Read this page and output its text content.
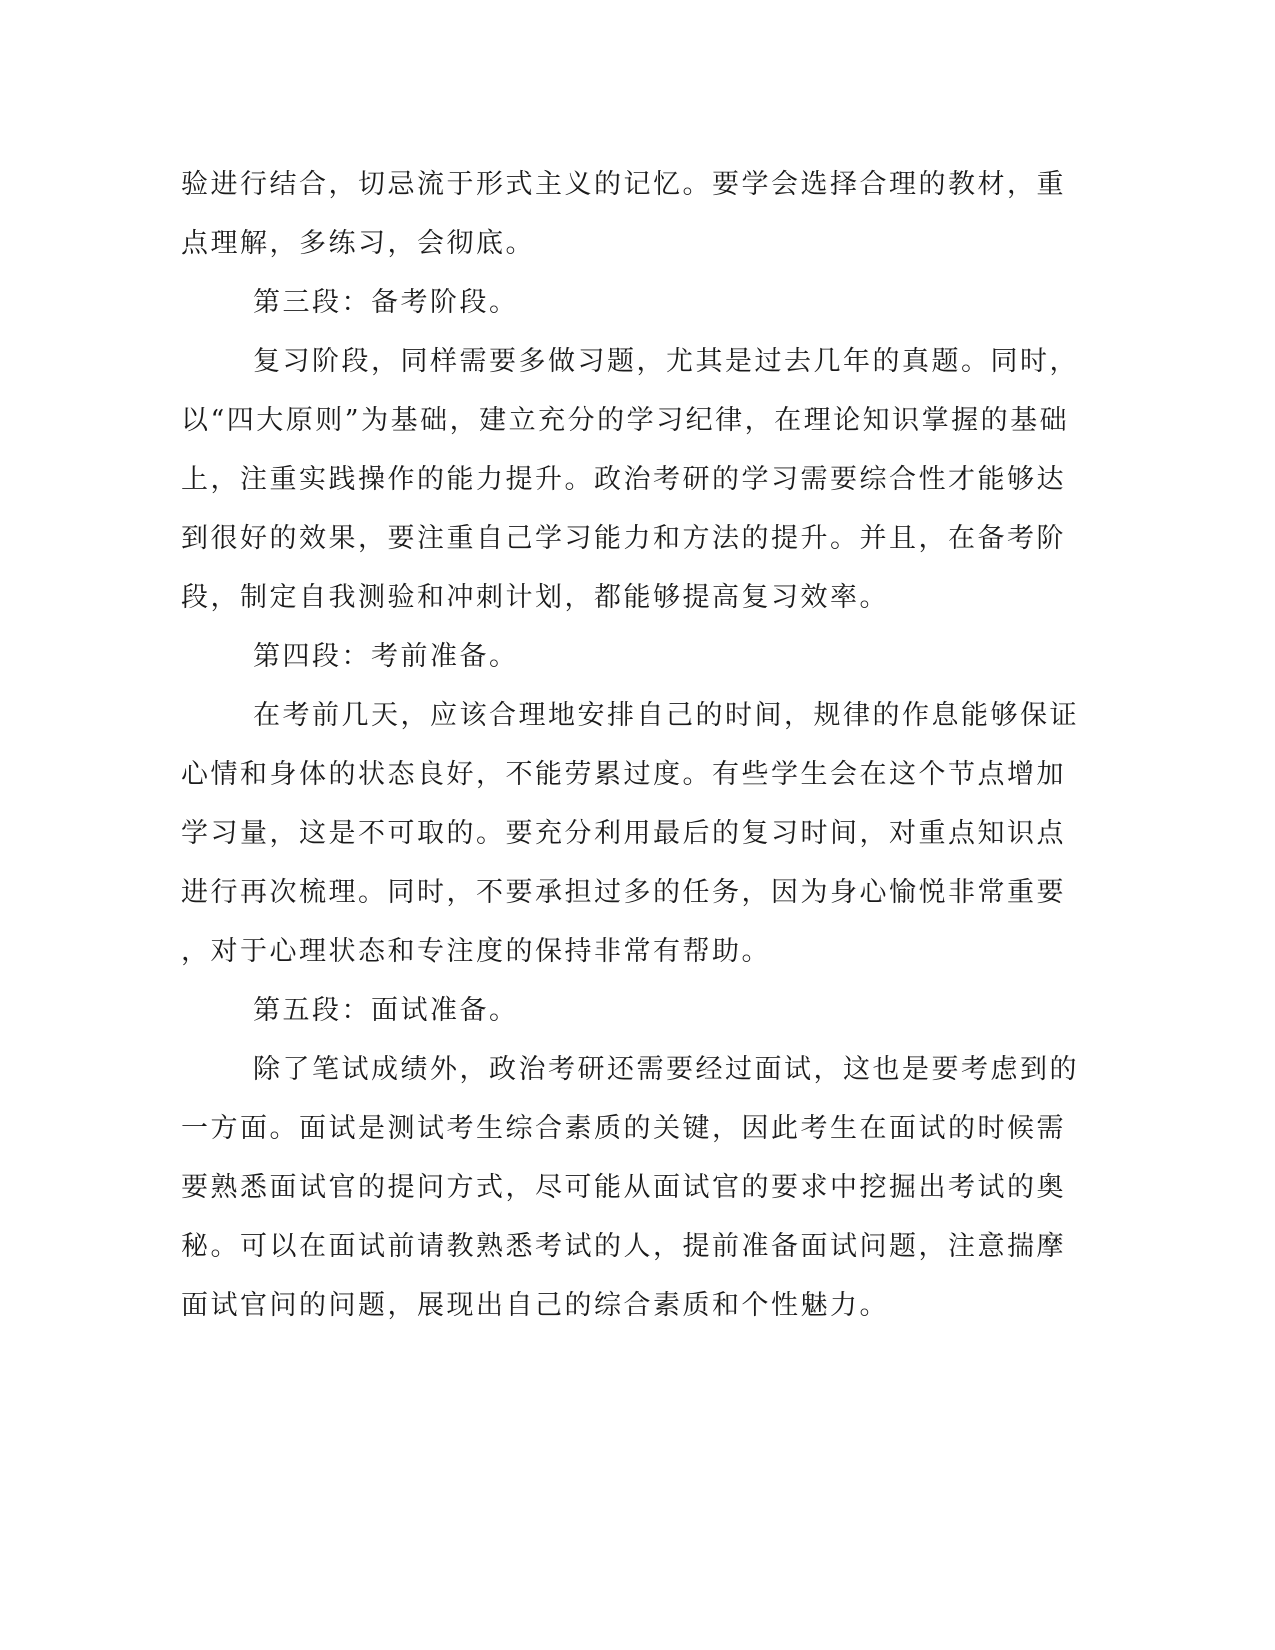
验进行结合，切忌流于形式主义的记忆。要学会选择合理的教材，重
点理解，多练习，会彻底。
第三段：备考阶段。
复习阶段，同样需要多做习题，尤其是过去几年的真题。同时，
以“四大原则”为基础，建立充分的学习纪律，在理论知识掌握的基础
上，注重实践操作的能力提升。政治考研的学习需要综合性才能够达
到很好的效果，要注重自己学习能力和方法的提升。并且，在备考阶
段，制定自我测验和冲刺计划，都能够提高复习效率。
第四段：考前准备。
在考前几天，应该合理地安排自己的时间，规律的作息能够保证
心情和身体的状态良好，不能劳累过度。有些学生会在这个节点增加
学习量，这是不可取的。要充分利用最后的复习时间，对重点知识点
进行再次梳理。同时，不要承担过多的任务，因为身心愉悦非常重要
，对于心理状态和专注度的保持非常有帮助。
第五段：面试准备。
除了笔试成绩外，政治考研还需要经过面试，这也是要考虑到的
一方面。面试是测试考生综合素质的关键，因此考生在面试的时候需
要熟悉面试官的提问方式，尽可能从面试官的要求中挖掘出考试的奥
秘。可以在面试前请教熟悉考试的人，提前准备面试问题，注意揣摩
面试官问的问题，展现出自己的综合素质和个性魅力。
